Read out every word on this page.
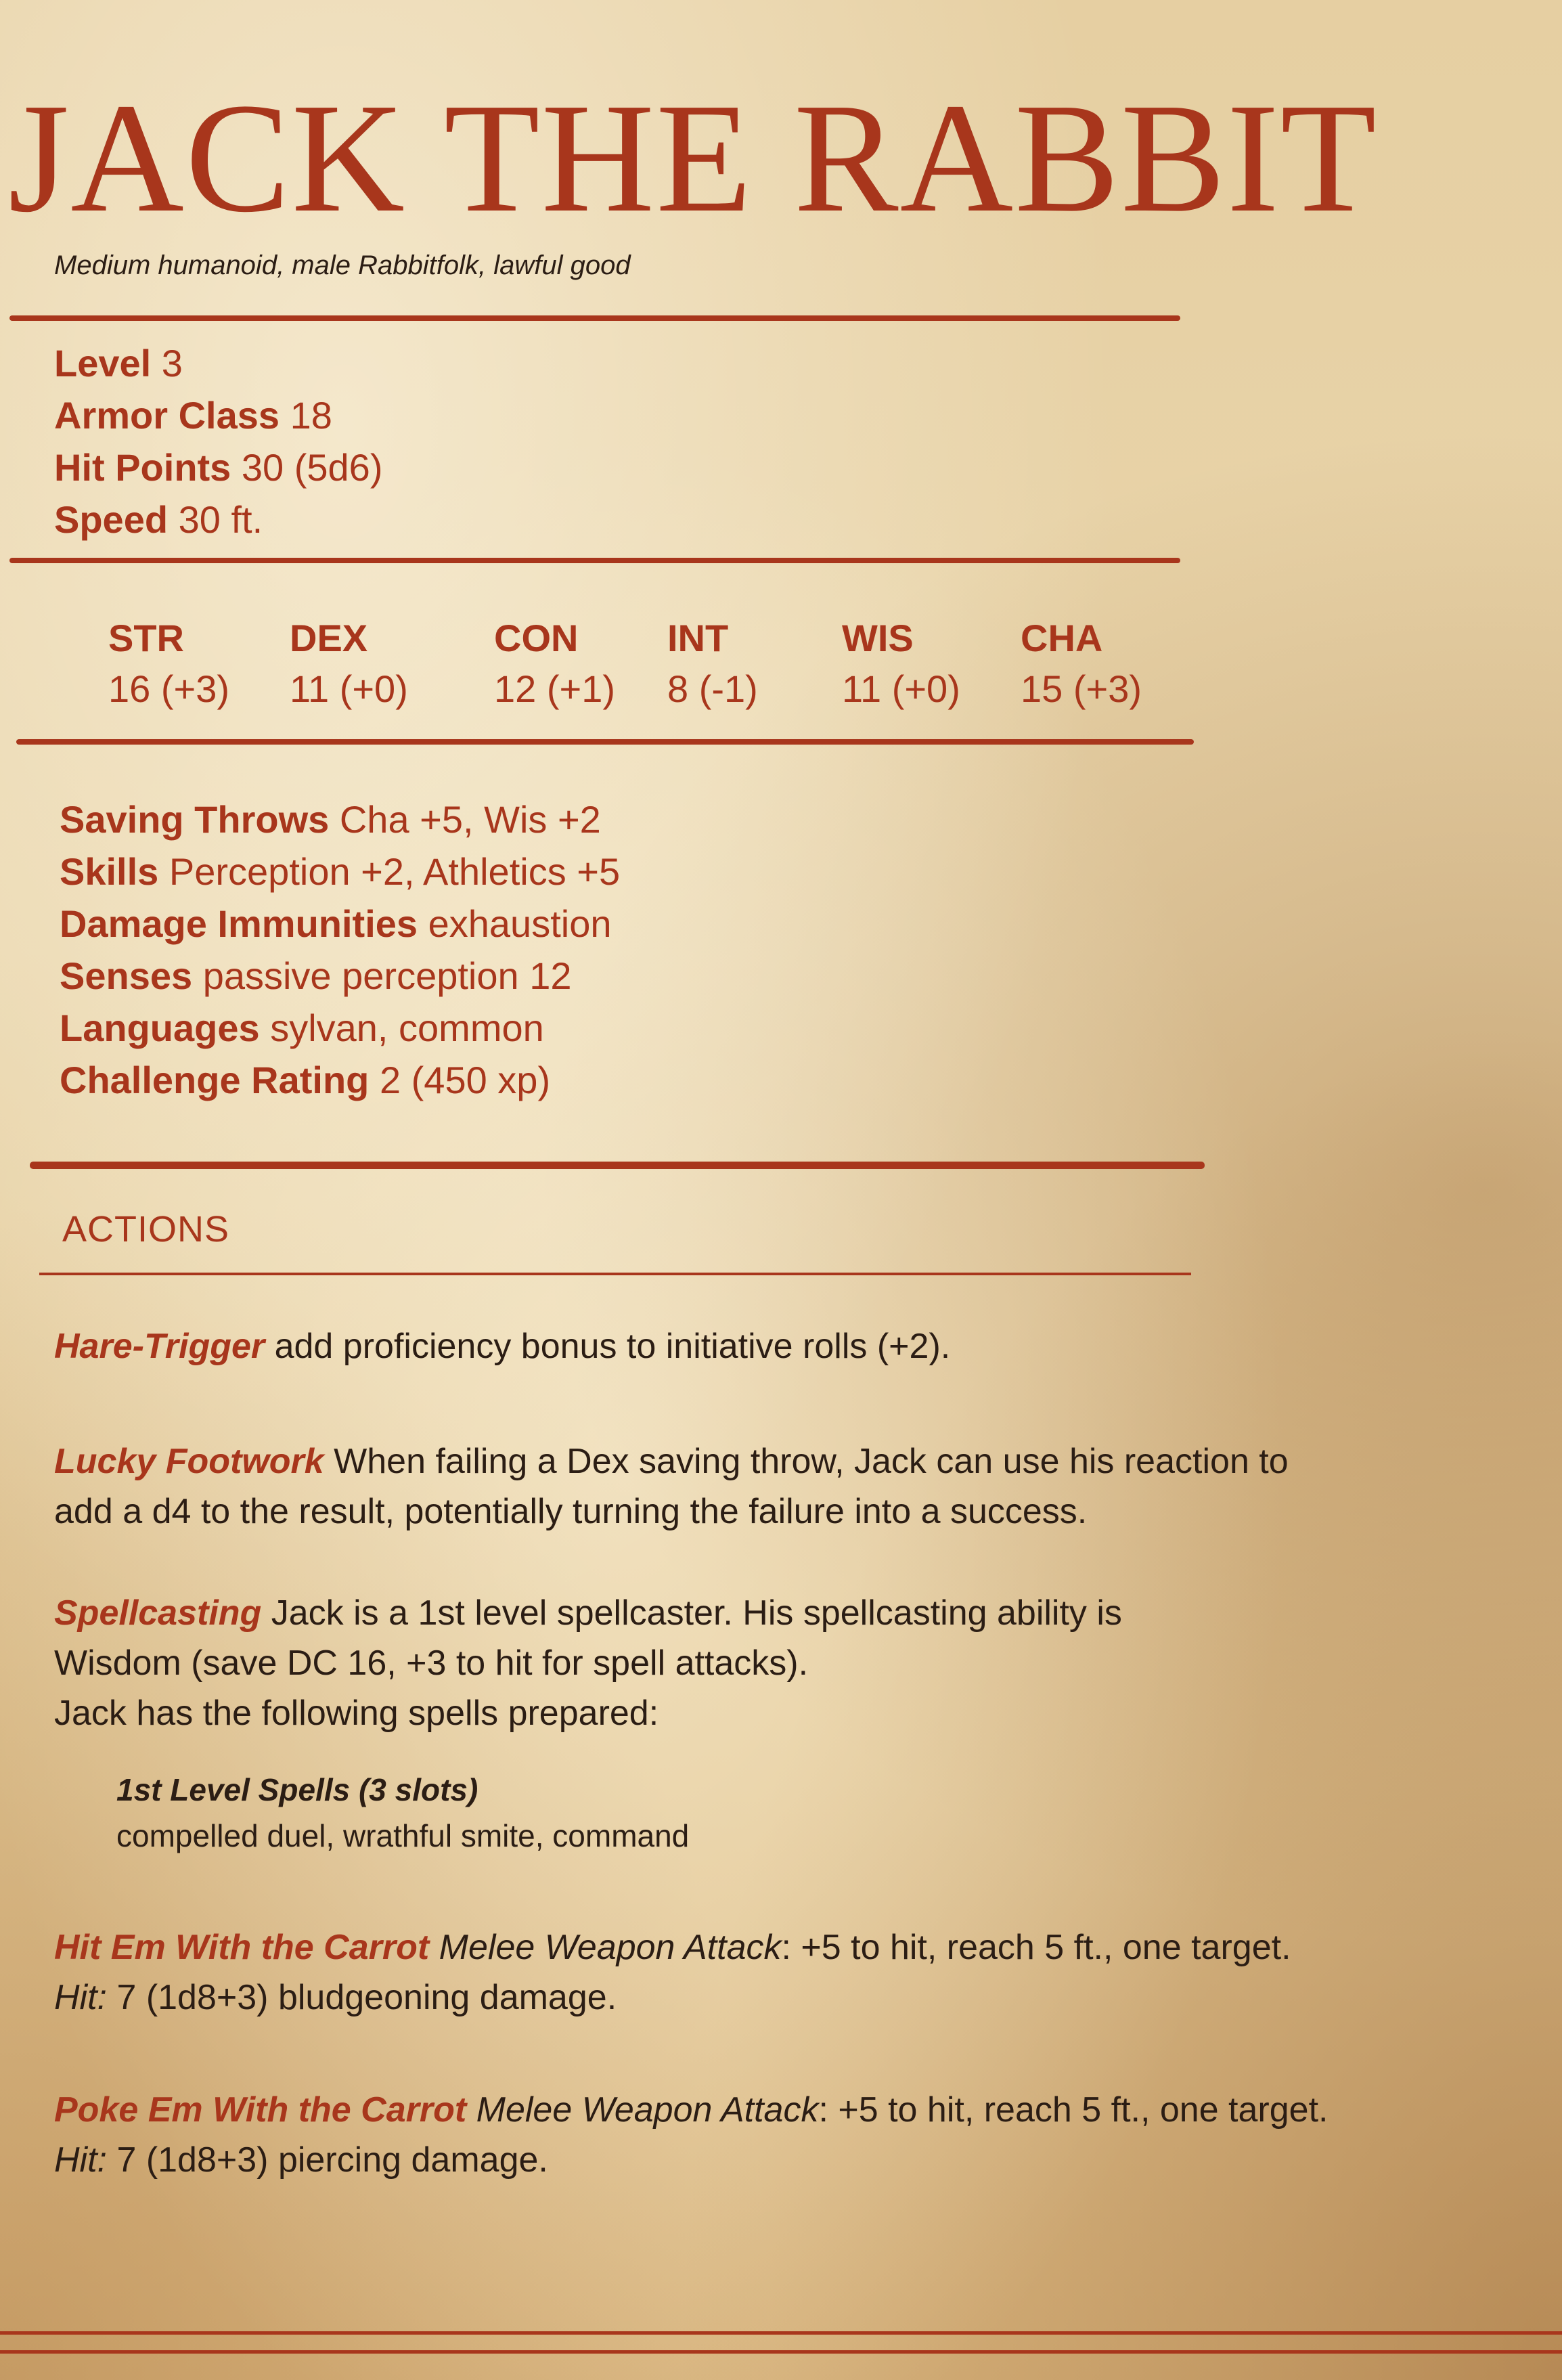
JACK THE RABBIT
Medium humanoid, male Rabbitfolk, lawful good
Level 3
Armor Class 18
Hit Points 30 (5d6)
Speed 30 ft.
STR
16 (+3)
DEX
11 (+0)
CON
12 (+1)
INT
8 (-1)
WIS
11 (+0)
CHA
15 (+3)
Saving Throws Cha +5, Wis +2
Skills Perception +2, Athletics +5
Damage Immunities exhaustion
Senses passive perception 12
Languages sylvan, common
Challenge Rating 2 (450 xp)
ACTIONS
Hare-Trigger add proficiency bonus to initiative rolls (+2).
Lucky Footwork When failing a Dex saving throw, Jack can use his reaction to
add a d4 to the result, potentially turning the failure into a success.
Spellcasting Jack is a 1st level spellcaster. His spellcasting ability is
Wisdom (save DC 16, +3 to hit for spell attacks).
Jack has the following spells prepared:
1st Level Spells (3 slots)
compelled duel, wrathful smite, command
Hit Em With the Carrot Melee Weapon Attack: +5 to hit, reach 5 ft., one target.
Hit: 7 (1d8+3) bludgeoning damage.
Poke Em With the Carrot Melee Weapon Attack: +5 to hit, reach 5 ft., one target.
Hit: 7 (1d8+3) piercing damage.
